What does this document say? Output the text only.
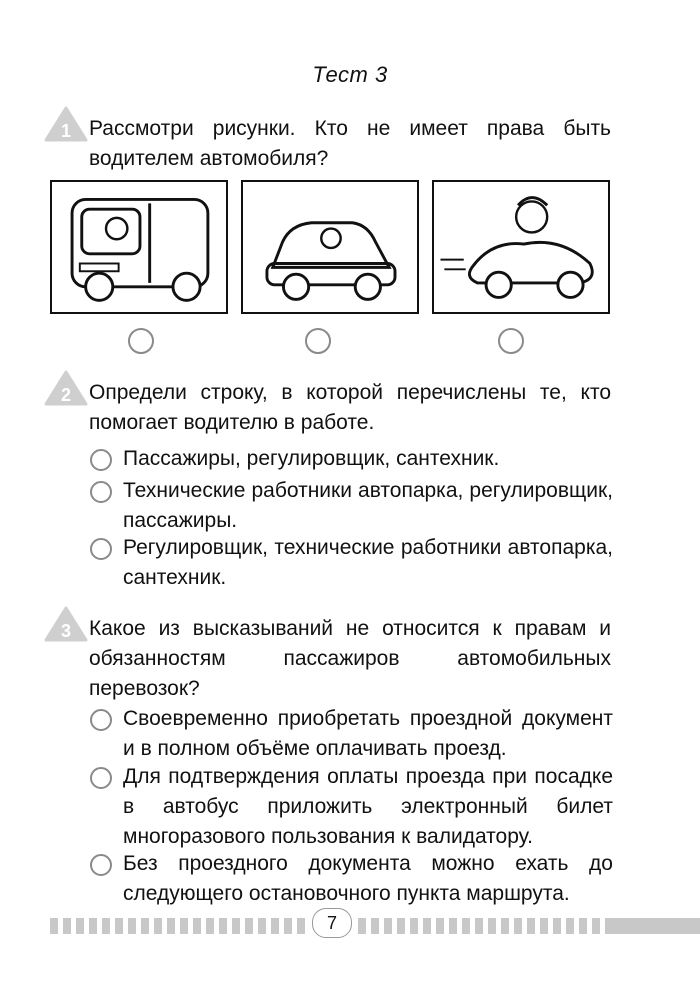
Тест 3
1 Рассмотри рисунки. Кто не имеет права быть водителем автомобиля?
2 Определи строку, в которой перечислены те, кто помогает водителю в работе.
Пассажиры, регулировщик, сантехник.
Технические работники автопарка, регулировщик, пассажиры.
Регулировщик, технические работники автопарка, сантехник.
3 Какое из высказываний не относится к правам и обязанностям пассажиров автомобильных перевозок?
Своевременно приобретать проездной документ и в полном объёме оплачивать проезд.
Для подтверждения оплаты проезда при посадке в автобус приложить электронный билет многоразового пользования к валидатору.
Без проездного документа можно ехать до следующего остановочного пункта маршрута.
7
